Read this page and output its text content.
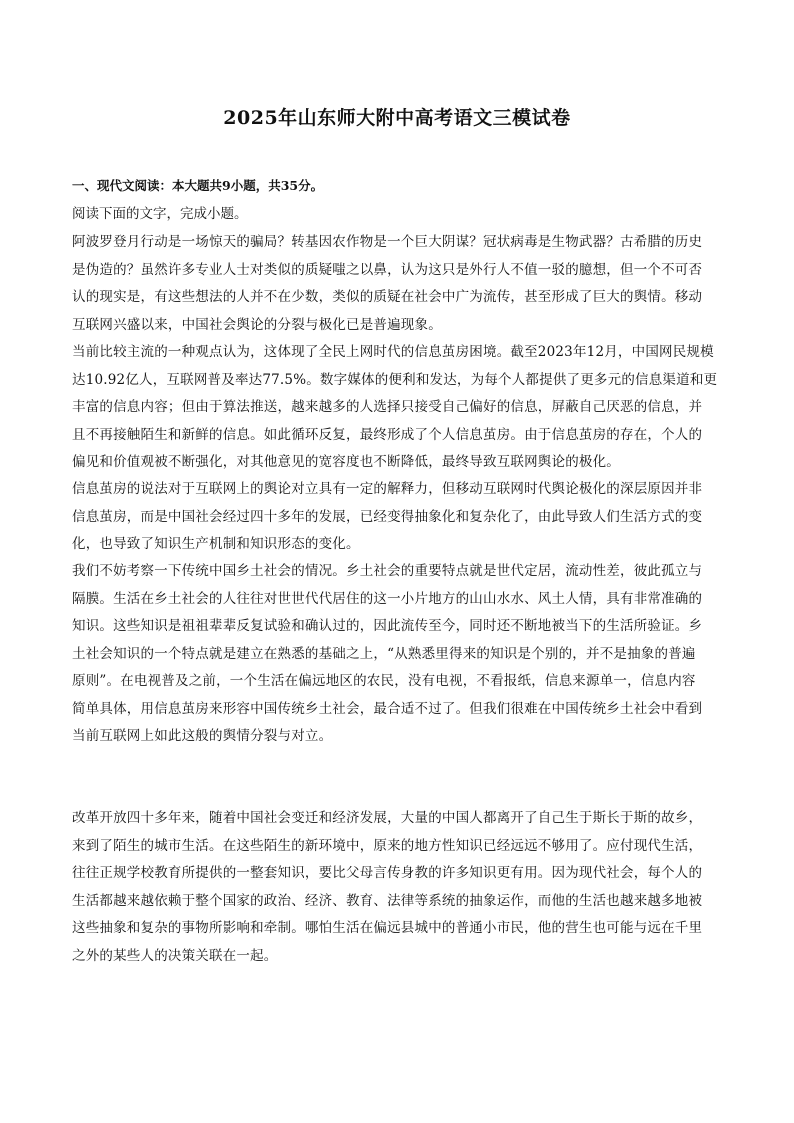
2025年山东师大附中高考语文三模试卷
一、现代文阅读：本大题共9小题，共35分。
阅读下面的文字，完成小题。
阿波罗登月行动是一场惊天的骗局？转基因农作物是一个巨大阴谋？冠状病毒是生物武器？古希腊的历史
是伪造的？虽然许多专业人士对类似的质疑嗤之以鼻，认为这只是外行人不值一驳的臆想，但一个不可否
认的现实是，有这些想法的人并不在少数，类似的质疑在社会中广为流传，甚至形成了巨大的舆情。移动
互联网兴盛以来，中国社会舆论的分裂与极化已是普遍现象。
当前比较主流的一种观点认为，这体现了全民上网时代的信息茧房困境。截至2023年12月，中国网民规模
达10.92亿人，互联网普及率达77.5%。数字媒体的便利和发达，为每个人都提供了更多元的信息渠道和更
丰富的信息内容；但由于算法推送，越来越多的人选择只接受自己偏好的信息，屏蔽自己厌恶的信息，并
且不再接触陌生和新鲜的信息。如此循环反复，最终形成了个人信息茧房。由于信息茧房的存在，个人的
偏见和价值观被不断强化，对其他意见的宽容度也不断降低，最终导致互联网舆论的极化。
信息茧房的说法对于互联网上的舆论对立具有一定的解释力，但移动互联网时代舆论极化的深层原因并非
信息茧房，而是中国社会经过四十多年的发展，已经变得抽象化和复杂化了，由此导致人们生活方式的变
化，也导致了知识生产机制和知识形态的变化。
我们不妨考察一下传统中国乡土社会的情况。乡土社会的重要特点就是世代定居，流动性差，彼此孤立与
隔膜。生活在乡土社会的人往往对世世代代居住的这一小片地方的山山水水、风土人情，具有非常准确的
知识。这些知识是祖祖辈辈反复试验和确认过的，因此流传至今，同时还不断地被当下的生活所验证。乡
土社会知识的一个特点就是建立在熟悉的基础之上，“从熟悉里得来的知识是个别的，并不是抽象的普遍
原则”。在电视普及之前，一个生活在偏远地区的农民，没有电视，不看报纸，信息来源单一，信息内容
简单具体，用信息茧房来形容中国传统乡土社会，最合适不过了。但我们很难在中国传统乡土社会中看到
当前互联网上如此这般的舆情分裂与对立。
改革开放四十多年来，随着中国社会变迁和经济发展，大量的中国人都离开了自己生于斯长于斯的故乡，
来到了陌生的城市生活。在这些陌生的新环境中，原来的地方性知识已经远远不够用了。应付现代生活，
往往正规学校教育所提供的一整套知识，要比父母言传身教的许多知识更有用。因为现代社会，每个人的
生活都越来越依赖于整个国家的政治、经济、教育、法律等系统的抽象运作，而他的生活也越来越多地被
这些抽象和复杂的事物所影响和牵制。哪怕生活在偏远县城中的普通小市民，他的营生也可能与远在千里
之外的某些人的决策关联在一起。
